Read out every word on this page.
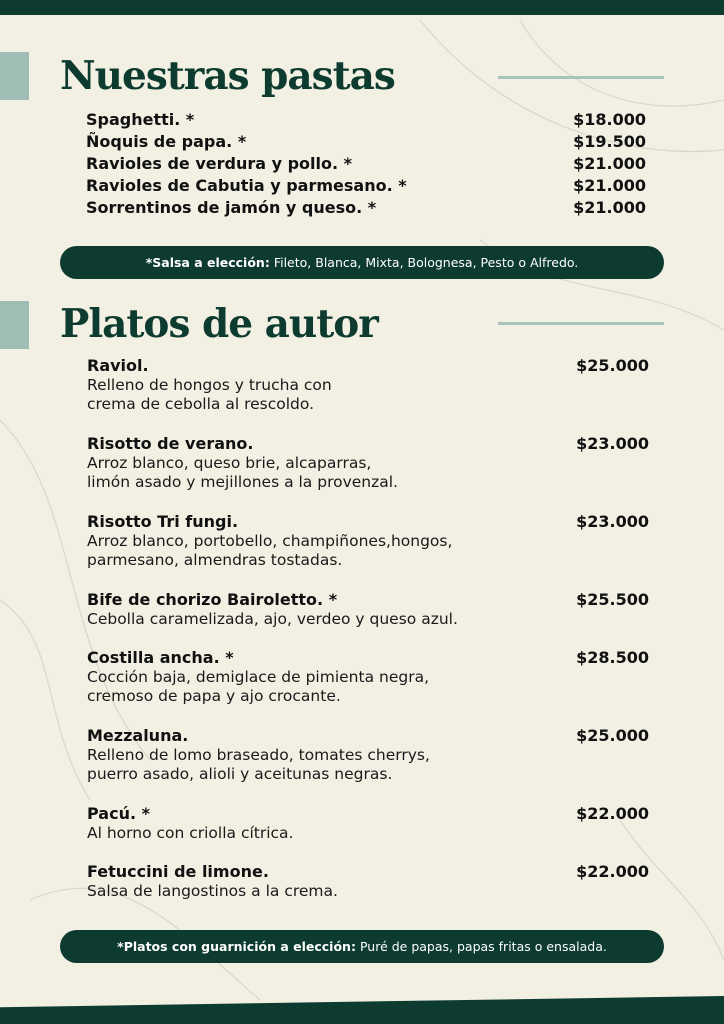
Nuestras pastas
Spaghetti. *	$18.000
Ñoquis de papa. *	$19.500
Ravioles de verdura y pollo. *	$21.000
Ravioles de Cabutia y parmesano. *	$21.000
Sorrentinos de jamón y queso. *	$21.000
*Salsa a elección: Fileto, Blanca, Mixta, Bolognesa, Pesto o Alfredo.
Platos de autor
Raviol.	$25.000
Relleno de hongos y trucha con
crema de cebolla al rescoldo.
Risotto de verano.	$23.000
Arroz blanco, queso brie, alcaparras,
limón asado y mejillones a la provenzal.
Risotto Tri fungi.	$23.000
Arroz blanco, portobello, champiñones,hongos,
parmesano, almendras tostadas.
Bife de chorizo Bairoletto. *	$25.500
Cebolla caramelizada, ajo, verdeo y queso azul.
Costilla ancha. *	$28.500
Cocción baja, demiglace de pimienta negra,
cremoso de papa y ajo crocante.
Mezzaluna.	$25.000
Relleno de lomo braseado, tomates cherrys,
puerro asado, alioli y aceitunas negras.
Pacú. *	$22.000
Al horno con criolla cítrica.
Fetuccini de limone.	$22.000
Salsa de langostinos a la crema.
*Platos con guarnición a elección: Puré de papas, papas fritas o ensalada.
